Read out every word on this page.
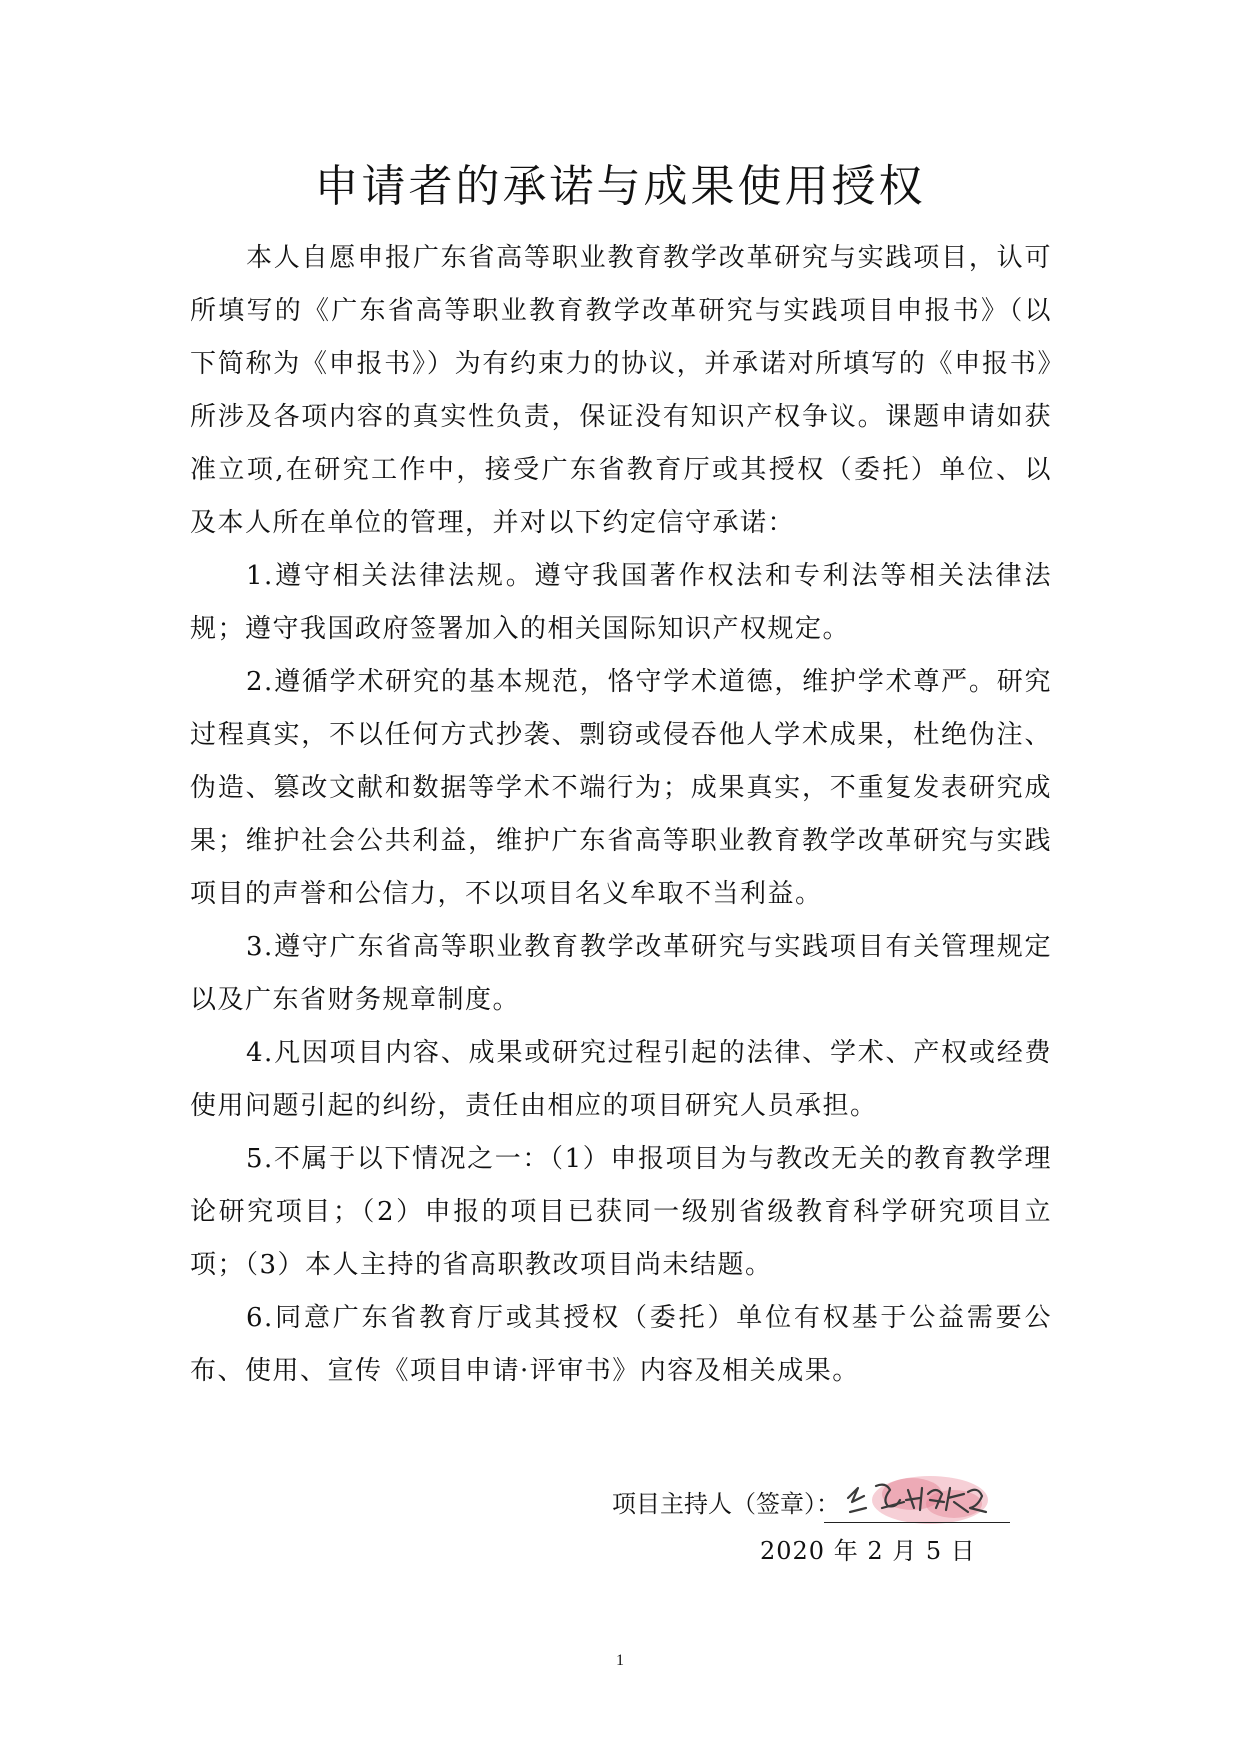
申请者的承诺与成果使用授权

本人自愿申报广东省高等职业教育教学改革研究与实践项目，认可所填写的《广东省高等职业教育教学改革研究与实践项目申报书》（以下简称为《申报书》）为有约束力的协议，并承诺对所填写的《申报书》所涉及各项内容的真实性负责，保证没有知识产权争议。课题申请如获准立项,在研究工作中，接受广东省教育厅或其授权（委托）单位、以及本人所在单位的管理，并对以下约定信守承诺：

1.遵守相关法律法规。遵守我国著作权法和专利法等相关法律法规；遵守我国政府签署加入的相关国际知识产权规定。

2.遵循学术研究的基本规范，恪守学术道德，维护学术尊严。研究过程真实，不以任何方式抄袭、剽窃或侵吞他人学术成果，杜绝伪注、伪造、篡改文献和数据等学术不端行为；成果真实，不重复发表研究成果；维护社会公共利益，维护广东省高等职业教育教学改革研究与实践项目的声誉和公信力，不以项目名义牟取不当利益。

3.遵守广东省高等职业教育教学改革研究与实践项目有关管理规定以及广东省财务规章制度。

4.凡因项目内容、成果或研究过程引起的法律、学术、产权或经费使用问题引起的纠纷，责任由相应的项目研究人员承担。

5.不属于以下情况之一：（1）申报项目为与教改无关的教育教学理论研究项目；（2）申报的项目已获同一级别省级教育科学研究项目立项；（3）本人主持的省高职教改项目尚未结题。

6.同意广东省教育厅或其授权（委托）单位有权基于公益需要公布、使用、宣传《项目申请·评审书》内容及相关成果。

项目主持人（签章）：
2020 年 2 月 5 日
1
